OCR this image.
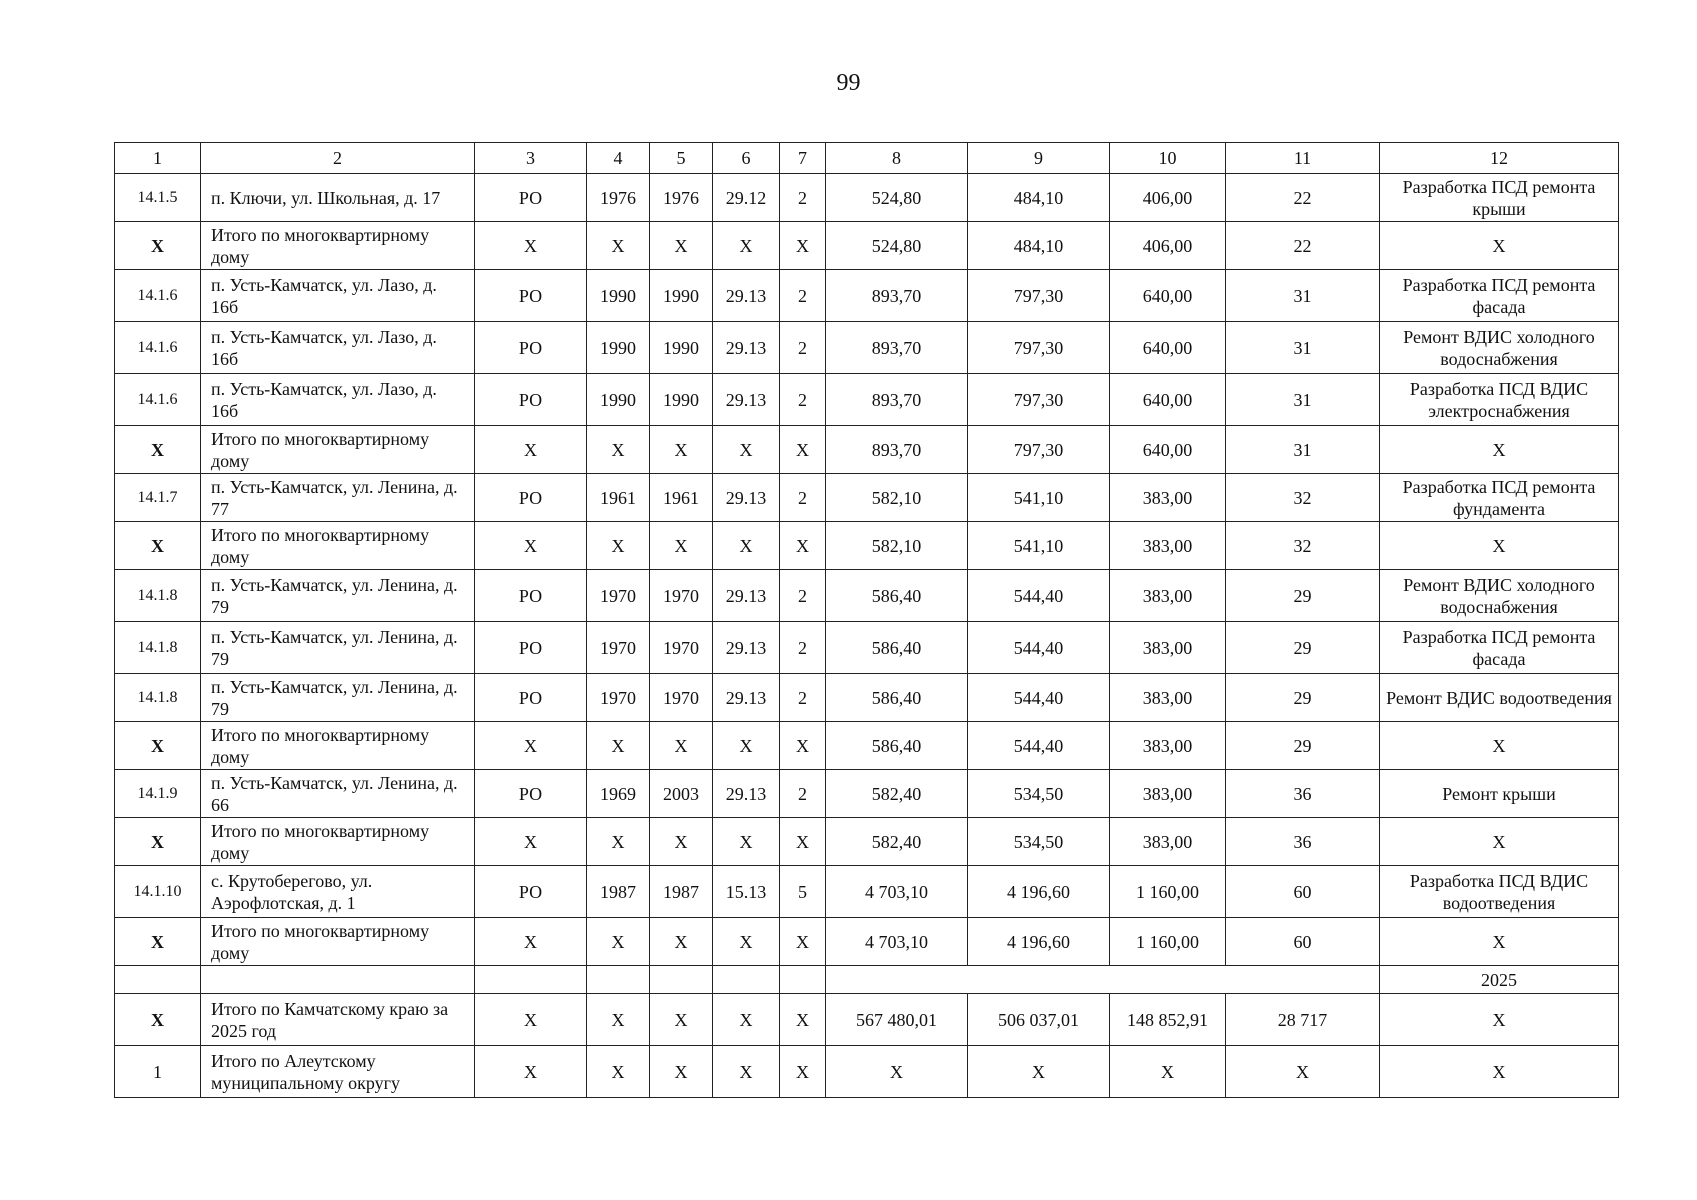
99
1	2	3	4	5	6	7	8	9	10	11	12
14.1.5	п. Ключи, ул. Школьная, д. 17	РО	1976	1976	29.12	2	524,80	484,10	406,00	22	Разработка ПСД ремонта крыши
Х	Итого по многоквартирному дому	Х	Х	Х	Х	Х	524,80	484,10	406,00	22	Х
14.1.6	п. Усть-Камчатск, ул. Лазо, д. 16б	РО	1990	1990	29.13	2	893,70	797,30	640,00	31	Разработка ПСД ремонта фасада
14.1.6	п. Усть-Камчатск, ул. Лазо, д. 16б	РО	1990	1990	29.13	2	893,70	797,30	640,00	31	Ремонт ВДИС холодного водоснабжения
14.1.6	п. Усть-Камчатск, ул. Лазо, д. 16б	РО	1990	1990	29.13	2	893,70	797,30	640,00	31	Разработка ПСД ВДИС электроснабжения
Х	Итого по многоквартирному дому	Х	Х	Х	Х	Х	893,70	797,30	640,00	31	Х
14.1.7	п. Усть-Камчатск, ул. Ленина, д. 77	РО	1961	1961	29.13	2	582,10	541,10	383,00	32	Разработка ПСД ремонта фундамента
Х	Итого по многоквартирному дому	Х	Х	Х	Х	Х	582,10	541,10	383,00	32	Х
14.1.8	п. Усть-Камчатск, ул. Ленина, д. 79	РО	1970	1970	29.13	2	586,40	544,40	383,00	29	Ремонт ВДИС холодного водоснабжения
14.1.8	п. Усть-Камчатск, ул. Ленина, д. 79	РО	1970	1970	29.13	2	586,40	544,40	383,00	29	Разработка ПСД ремонта фасада
14.1.8	п. Усть-Камчатск, ул. Ленина, д. 79	РО	1970	1970	29.13	2	586,40	544,40	383,00	29	Ремонт ВДИС водоотведения
Х	Итого по многоквартирному дому	Х	Х	Х	Х	Х	586,40	544,40	383,00	29	Х
14.1.9	п. Усть-Камчатск, ул. Ленина, д. 66	РО	1969	2003	29.13	2	582,40	534,50	383,00	36	Ремонт крыши
Х	Итого по многоквартирному дому	Х	Х	Х	Х	Х	582,40	534,50	383,00	36	Х
14.1.10	с. Крутоберегово, ул. Аэрофлотская, д. 1	РО	1987	1987	15.13	5	4 703,10	4 196,60	1 160,00	60	Разработка ПСД ВДИС водоотведения
Х	Итого по многоквартирному дому	Х	Х	Х	Х	Х	4 703,10	4 196,60	1 160,00	60	Х
											2025
Х	Итого по Камчатскому краю за 2025 год	Х	Х	Х	Х	Х	567 480,01	506 037,01	148 852,91	28 717	Х
1	Итого по Алеутскому муниципальному округу	Х	Х	Х	Х	Х	Х	Х	Х	Х	Х
